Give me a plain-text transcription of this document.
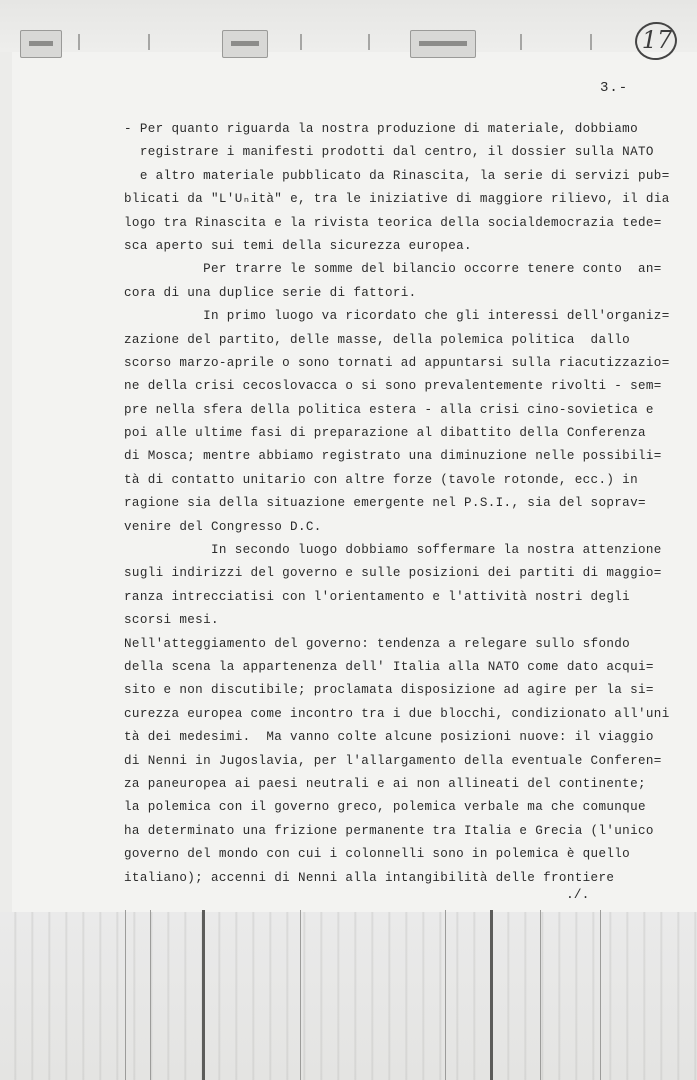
17
3.-
- Per quanto riguarda la nostra produzione di materiale, dobbiamo
registrare i manifesti prodotti dal centro, il dossier sulla NATO
e altro materiale pubblicato da Rinascita, la serie di servizi pub=
blicati da "L'Uₙità" e, tra le iniziative di maggiore rilievo, il dia
logo tra Rinascita e la rivista teorica della socialdemocrazia tede=
sca aperto sui temi della sicurezza europea.
Per trarre le somme del bilancio occorre tenere conto  an=
cora di una duplice serie di fattori.
In primo luogo va ricordato che gli interessi dell'organiz=
zazione del partito, delle masse, della polemica politica  dallo
scorso marzo-aprile o sono tornati ad appuntarsi sulla riacutizzazio=
ne della crisi cecoslovacca o si sono prevalentemente rivolti - sem=
pre nella sfera della politica estera - alla crisi cino-sovietica e
poi alle ultime fasi di preparazione al dibattito della Conferenza
di Mosca; mentre abbiamo registrato una diminuzione nelle possibili=
tà di contatto unitario con altre forze (tavole rotonde, ecc.) in
ragione sia della situazione emergente nel P.S.I., sia del soprav=
venire del Congresso D.C.
In secondo luogo dobbiamo soffermare la nostra attenzione
sugli indirizzi del governo e sulle posizioni dei partiti di maggio=
ranza intrecciatisi con l'orientamento e l'attività nostri degli
scorsi mesi.
Nell'atteggiamento del governo: tendenza a relegare sullo sfondo
della scena la appartenenza dell' Italia alla NATO come dato acqui=
sito e non discutibile; proclamata disposizione ad agire per la si=
curezza europea come incontro tra i due blocchi, condizionato all'uni
tà dei medesimi.  Ma vanno colte alcune posizioni nuove: il viaggio
di Nenni in Jugoslavia, per l'allargamento della eventuale Conferen=
za paneuropea ai paesi neutrali e ai non allineati del continente;
la polemica con il governo greco, polemica verbale ma che comunque
ha determinato una frizione permanente tra Italia e Grecia (l'unico
governo del mondo con cui i colonnelli sono in polemica è quello
italiano); accenni di Nenni alla intangibilità delle frontiere
./.
